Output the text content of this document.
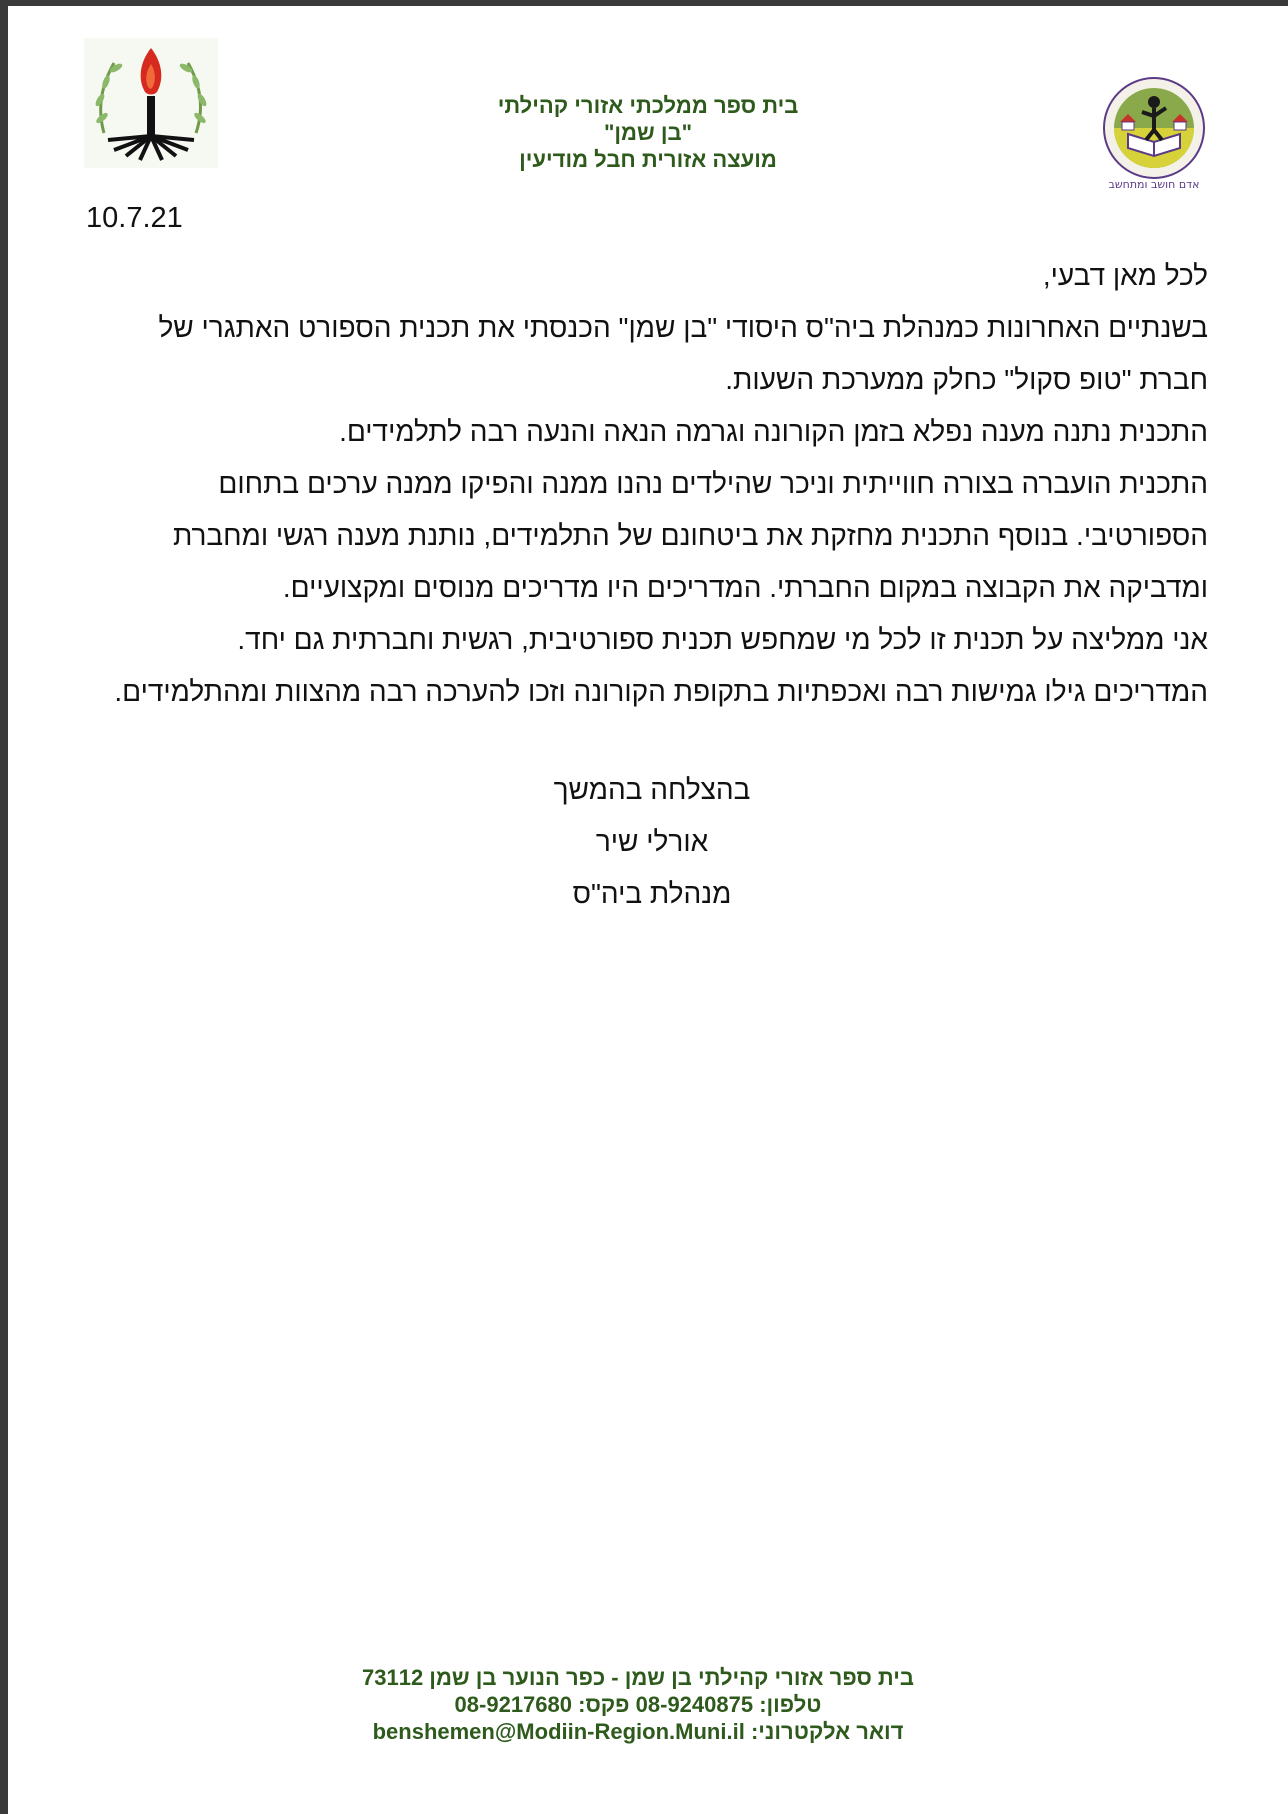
בית ספר ממלכתי אזורי קהילתי
"בן שמן"
מועצה אזורית חבל מודיעין
אדם חושב ומתחשב
10.7.21

לכל מאן דבעי,

בשנתיים האחרונות כמנהלת ביה"ס היסודי "בן שמן" הכנסתי את תכנית הספורט האתגרי של

חברת "טופ סקול" כחלק ממערכת השעות.

התכנית נתנה מענה נפלא בזמן הקורונה וגרמה הנאה והנעה רבה לתלמידים.

התכנית הועברה בצורה חווייתית וניכר שהילדים נהנו ממנה והפיקו ממנה ערכים בתחום

הספורטיבי. בנוסף התכנית מחזקת את ביטחונם של התלמידים, נותנת מענה רגשי ומחברת

ומדביקה את הקבוצה במקום החברתי. המדריכים היו מדריכים מנוסים ומקצועיים.

אני ממליצה על תכנית זו לכל מי שמחפש תכנית ספורטיבית, רגשית וחברתית גם יחד.

המדריכים גילו גמישות רבה ואכפתיות בתקופת הקורונה וזכו להערכה רבה מהצוות ומהתלמידים.

בהצלחה בהמשך

אורלי שיר

מנהלת ביה"ס

בית ספר אזורי קהילתי בן שמן - כפר הנוער בן שמן 73112

טלפון: 08-9240875 פקס: 08-9217680

דואר אלקטרוני: benshemen@Modiin-Region.Muni.il
